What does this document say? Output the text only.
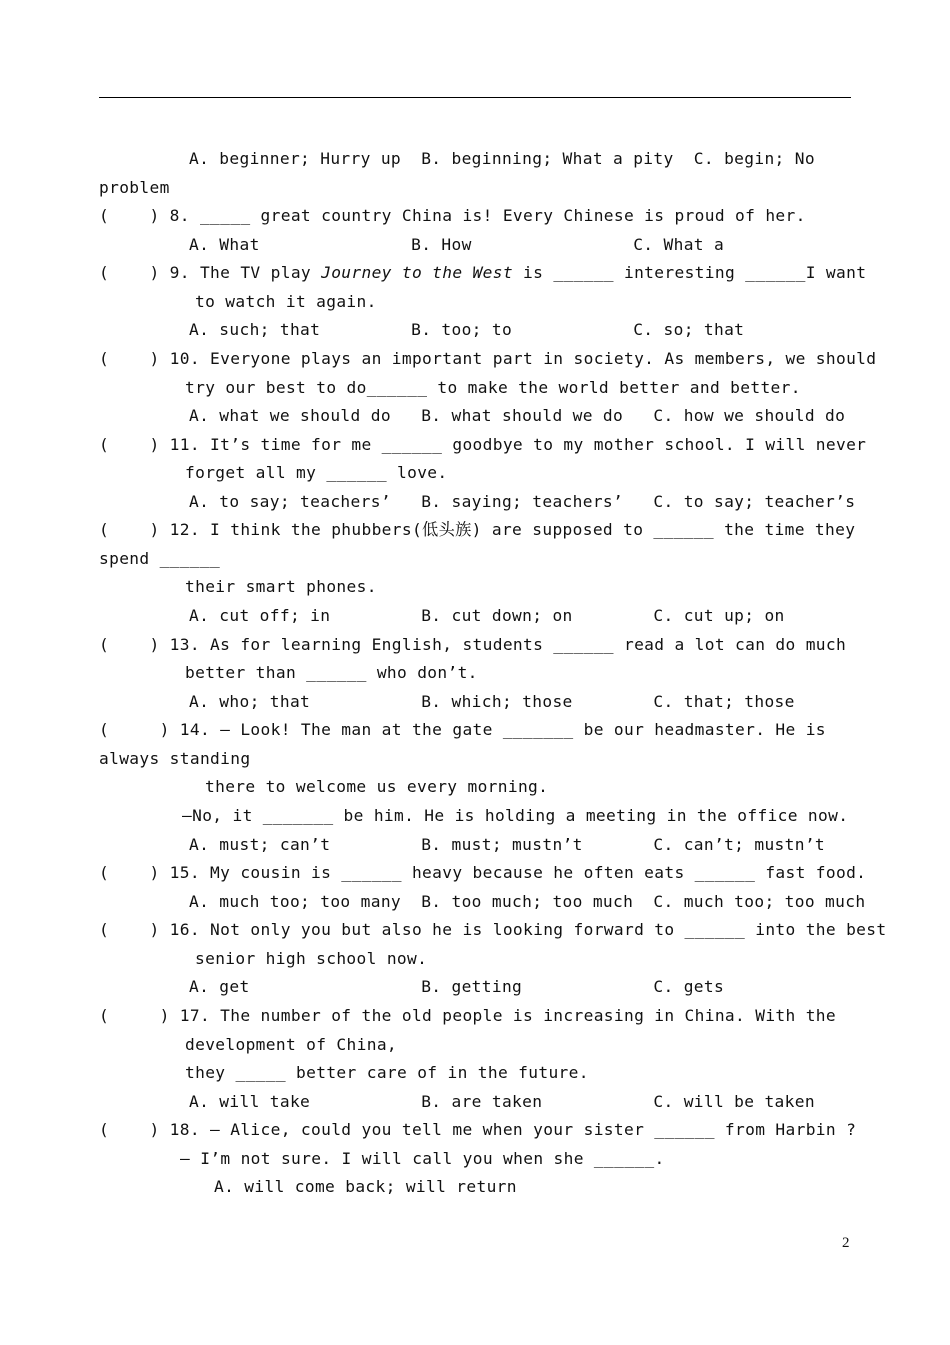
A. beginner; Hurry up  B. beginning; What a pity  C. begin; No
problem
(    ) 8. _____ great country China is! Every Chinese is proud of her.
A. What               B. How                C. What a
(    ) 9. The TV play Journey to the West is ______ interesting ______I want
to watch it again.
A. such; that         B. too; to            C. so; that
(    ) 10. Everyone plays an important part in society. As members, we should
try our best to do______ to make the world better and better.
A. what we should do   B. what should we do   C. how we should do
(    ) 11. It’s time for me ______ goodbye to my mother school. I will never
forget all my ______ love.
A. to say; teachers’   B. saying; teachers’   C. to say; teacher’s
(    ) 12. I think the phubbers(低头族) are supposed to ______ the time they
spend ______
their smart phones.
A. cut off; in         B. cut down; on        C. cut up; on
(    ) 13. As for learning English, students ______ read a lot can do much
better than ______ who don’t.
A. who; that           B. which; those        C. that; those
(     ) 14. — Look! The man at the gate _______ be our headmaster. He is
always standing
there to welcome us every morning.
—No, it _______ be him. He is holding a meeting in the office now.
A. must; can’t         B. must; mustn’t       C. can’t; mustn’t
(    ) 15. My cousin is ______ heavy because he often eats ______ fast food.
A. much too; too many  B. too much; too much  C. much too; too much
(    ) 16. Not only you but also he is looking forward to ______ into the best
senior high school now.
A. get                 B. getting             C. gets
(     ) 17. The number of the old people is increasing in China. With the
development of China,
they _____ better care of in the future.
A. will take           B. are taken           C. will be taken
(    ) 18. — Alice, could you tell me when your sister ______ from Harbin ?
— I’m not sure. I will call you when she ______.
A. will come back; will return
2
